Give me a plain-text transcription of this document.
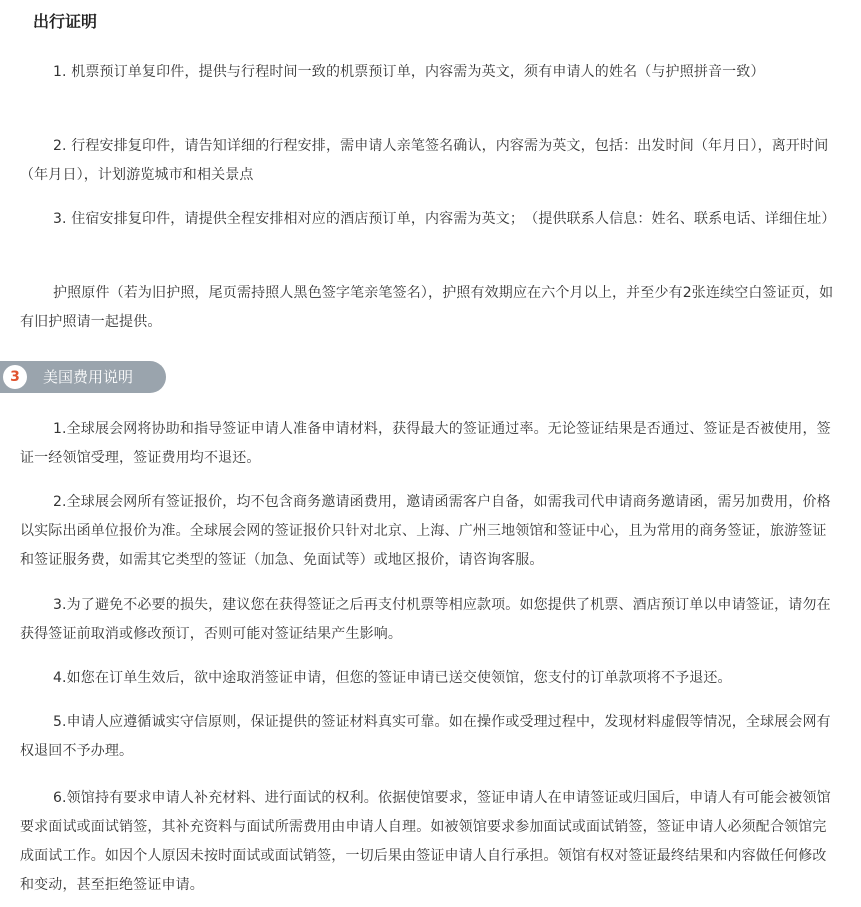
出行证明

1. 机票预订单复印件，提供与行程时间一致的机票预订单，内容需为英文，须有申请人的姓名（与护照拼音一致）

2. 行程安排复印件，请告知详细的行程安排，需申请人亲笔签名确认，内容需为英文，包括：出发时间（年月日），离开时间（年月日），计划游览城市和相关景点

3. 住宿安排复印件，请提供全程安排相对应的酒店预订单，内容需为英文；　（提供联系人信息：姓名、联系电话、详细住址）

护照原件（若为旧护照，尾页需持照人黑色签字笔亲笔签名），护照有效期应在六个月以上，并至少有2张连续空白签证页，如有旧护照请一起提供。

3	美国费用说明

1.全球展会网将协助和指导签证申请人准备申请材料，获得最大的签证通过率。无论签证结果是否通过、签证是否被使用，签证一经领馆受理，签证费用均不退还。

2.全球展会网所有签证报价，均不包含商务邀请函费用，邀请函需客户自备，如需我司代申请商务邀请函，需另加费用，价格以实际出函单位报价为准。全球展会网的签证报价只针对北京、上海、广州三地领馆和签证中心，且为常用的商务签证，旅游签证和签证服务费，如需其它类型的签证（加急、免面试等）或地区报价，请咨询客服。

3.为了避免不必要的损失，建议您在获得签证之后再支付机票等相应款项。如您提供了机票、酒店预订单以申请签证，请勿在获得签证前取消或修改预订，否则可能对签证结果产生影响。

4.如您在订单生效后，欲中途取消签证申请，但您的签证申请已送交使领馆，您支付的订单款项将不予退还。

5.申请人应遵循诚实守信原则，保证提供的签证材料真实可靠。如在操作或受理过程中，发现材料虚假等情况，全球展会网有权退回不予办理。

6.领馆持有要求申请人补充材料、进行面试的权利。依据使馆要求，签证申请人在申请签证或归国后，申请人有可能会被领馆要求面试或面试销签，其补充资料与面试所需费用由申请人自理。如被领馆要求参加面试或面试销签，签证申请人必须配合领馆完成面试工作。如因个人原因未按时面试或面试销签，一切后果由签证申请人自行承担。领馆有权对签证最终结果和内容做任何修改和变动，甚至拒绝签证申请。
